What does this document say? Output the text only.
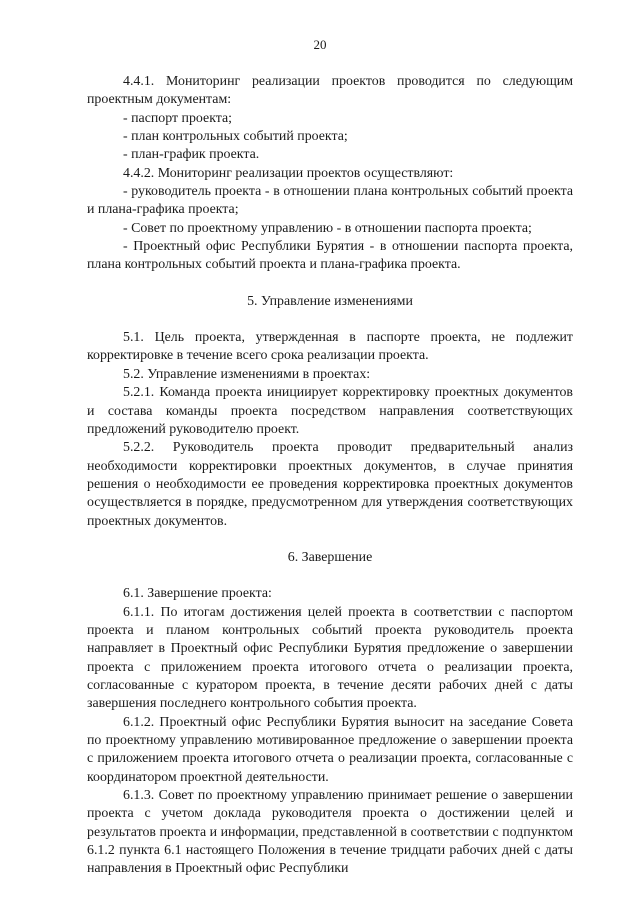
20

4.4.1. Мониторинг реализации проектов проводится по следующим проектным документам:

- паспорт проекта;

- план контрольных событий проекта;

- план-график проекта.

4.4.2. Мониторинг реализации проектов осуществляют:

- руководитель проекта - в отношении плана контрольных событий проекта и плана-графика проекта;

- Совет по проектному управлению - в отношении паспорта проекта;

- Проектный офис Республики Бурятия - в отношении паспорта проекта, плана контрольных событий проекта и плана-графика проекта.

5. Управление изменениями

5.1. Цель проекта, утвержденная в паспорте проекта, не подлежит корректировке в течение всего срока реализации проекта.

5.2. Управление изменениями в проектах:

5.2.1. Команда проекта инициирует корректировку проектных документов и состава команды проекта посредством направления соответствующих предложений руководителю проект.

5.2.2. Руководитель проекта проводит предварительный анализ необходимости корректировки проектных документов, в случае принятия решения о необходимости ее проведения корректировка проектных документов осуществляется в порядке, предусмотренном для утверждения соответствующих проектных документов.

6. Завершение

6.1. Завершение проекта:

6.1.1. По итогам достижения целей проекта в соответствии с паспортом проекта и планом контрольных событий проекта руководитель проекта направляет в Проектный офис Республики Бурятия предложение о завершении проекта с приложением проекта итогового отчета о реализации проекта, согласованные с куратором проекта, в течение десяти рабочих дней с даты завершения последнего контрольного события проекта.

6.1.2. Проектный офис Республики Бурятия выносит на заседание Совета по проектному управлению мотивированное предложение о завершении проекта с приложением проекта итогового отчета о реализации проекта, согласованные с координатором проектной деятельности.

6.1.3. Совет по проектному управлению принимает решение о завершении проекта с учетом доклада руководителя проекта о достижении целей и результатов проекта и информации, представленной в соответствии с подпунктом 6.1.2 пункта 6.1 настоящего Положения в течение тридцати рабочих дней с даты направления в Проектный офис Республики
